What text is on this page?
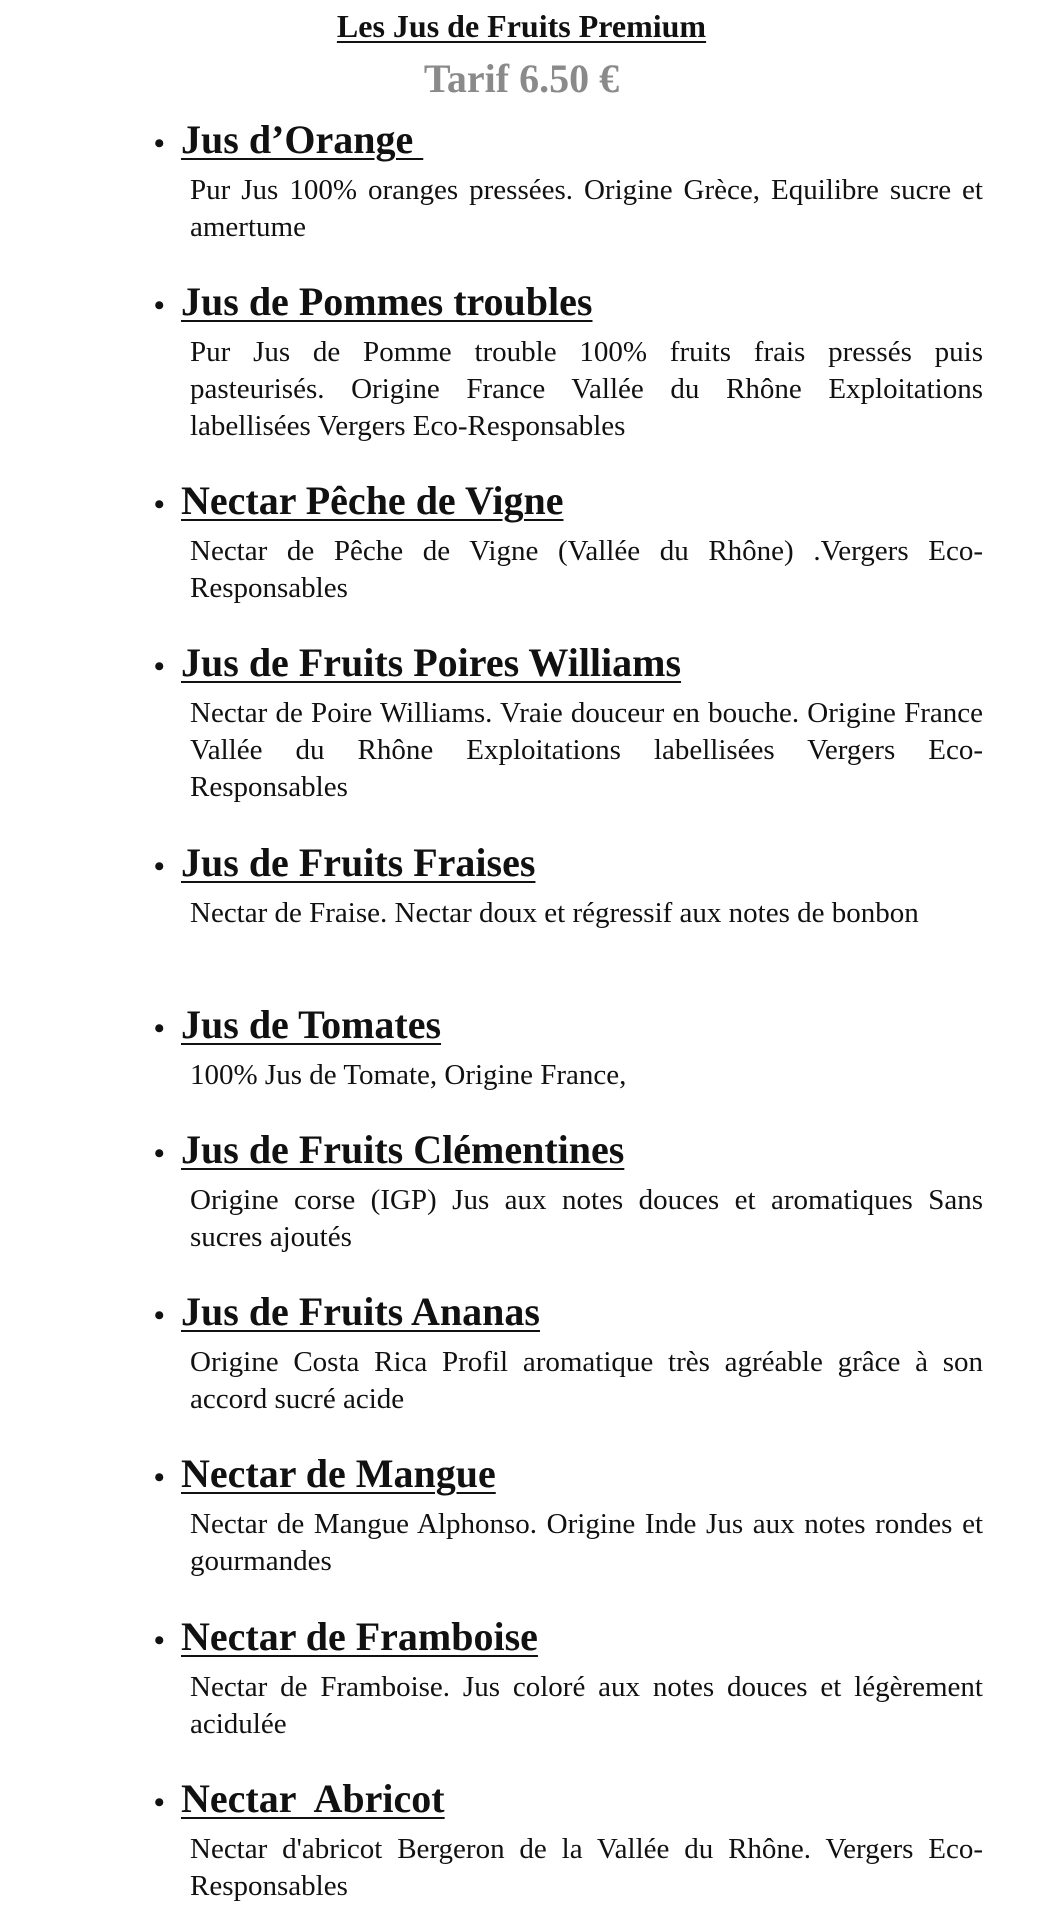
Les Jus de Fruits Premium
Tarif 6.50 €
• Jus d’Orange
Pur Jus 100% oranges pressées. Origine Grèce, Equilibre sucre et amertume
• Jus de Pommes troubles
Pur Jus de Pomme trouble 100% fruits frais pressés puis pasteurisés. Origine France Vallée du Rhône Exploitations labellisées Vergers Eco-Responsables
• Nectar Pêche de Vigne
Nectar de Pêche de Vigne (Vallée du Rhône) .Vergers Eco-Responsables
• Jus de Fruits Poires Williams
Nectar de Poire Williams. Vraie douceur en bouche. Origine France Vallée du Rhône Exploitations labellisées Vergers Eco-Responsables
• Jus de Fruits Fraises
Nectar de Fraise. Nectar doux et régressif aux notes de bonbon
• Jus de Tomates
100% Jus de Tomate, Origine France,
• Jus de Fruits Clémentines
Origine corse (IGP) Jus aux notes douces et aromatiques Sans sucres ajoutés
• Jus de Fruits Ananas
Origine Costa Rica Profil aromatique très agréable grâce à son accord sucré acide
• Nectar de Mangue
Nectar de Mangue Alphonso. Origine Inde Jus aux notes rondes et gourmandes
• Nectar de Framboise
Nectar de Framboise. Jus coloré aux notes douces et légèrement acidulée
• Nectar  Abricot
Nectar d'abricot Bergeron de la Vallée du Rhône. Vergers Eco-Responsables
